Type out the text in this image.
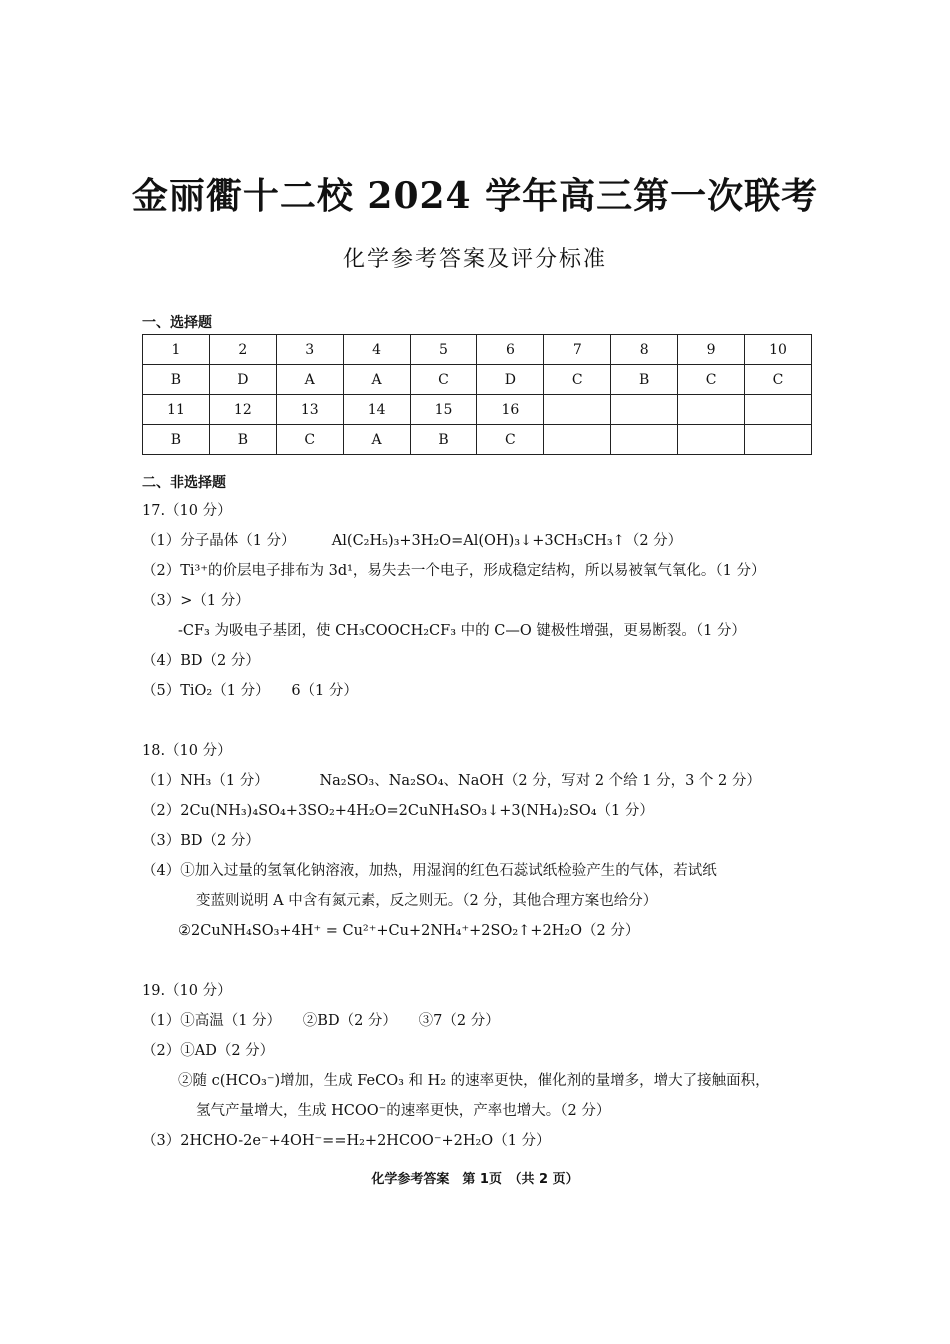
金丽衢十二校 2024 学年高三第一次联考
化学参考答案及评分标准
一、选择题
1	2	3	4	5	6	7	8	9	10
B	D	A	A	C	D	C	B	C	C
11	12	13	14	15	16				
B	B	C	A	B	C				
二、非选择题

17.（10 分）

（1）分子晶体（1 分）　　　Al(C₂H₅)₃+3H₂O=Al(OH)₃↓+3CH₃CH₃↑（2 分）

（2）Ti³⁺的价层电子排布为 3d¹，易失去一个电子，形成稳定结构，所以易被氧气氧化。（1 分）

（3）>（1 分）

-CF₃ 为吸电子基团，使 CH₃COOCH₂CF₃ 中的 C—O 键极性增强，更易断裂。（1 分）

（4）BD（2 分）

（5）TiO₂（1 分）　　6（1 分）

18.（10 分）

（1）NH₃（1 分）　　　　Na₂SO₃、Na₂SO₄、NaOH（2 分，写对 2 个给 1 分，3 个 2 分）

（2）2Cu(NH₃)₄SO₄+3SO₂+4H₂O=2CuNH₄SO₃↓+3(NH₄)₂SO₄（1 分）

（3）BD（2 分）

（4）①加入过量的氢氧化钠溶液，加热，用湿润的红色石蕊试纸检验产生的气体，若试纸

变蓝则说明 A 中含有氮元素，反之则无。（2 分，其他合理方案也给分）

②2CuNH₄SO₃+4H⁺ = Cu²⁺+Cu+2NH₄⁺+2SO₂↑+2H₂O（2 分）

19.（10 分）

（1）①高温（1 分）　　②BD（2 分）　　③7（2 分）

（2）①AD（2 分）

②随 c(HCO₃⁻)增加，生成 FeCO₃ 和 H₂ 的速率更快，催化剂的量增多，增大了接触面积，

氢气产量增大，生成 HCOO⁻的速率更快，产率也增大。（2 分）

（3）2HCHO-2e⁻+4OH⁻==H₂+2HCOO⁻+2H₂O（1 分）

化学参考答案　第 1页　（共 2 页）
